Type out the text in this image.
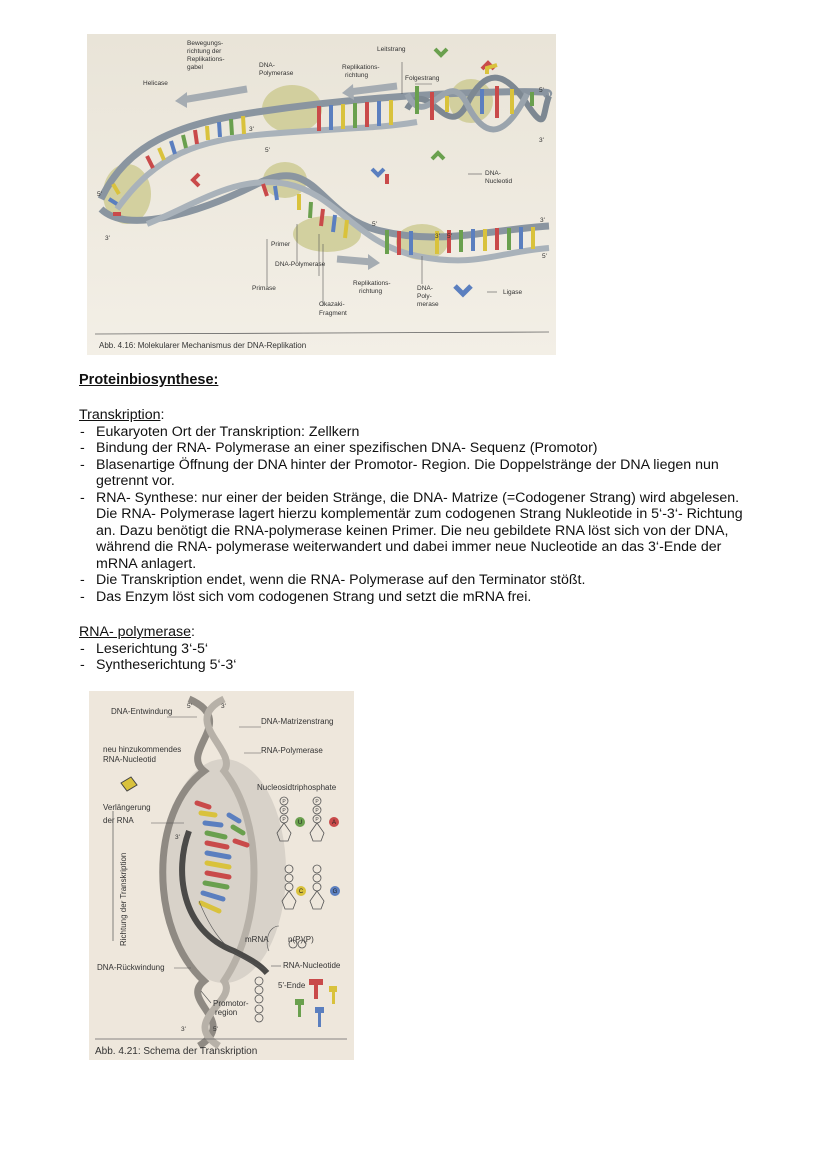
Bewegungs-
richtung der
Replikations-
gabel
Helicase
DNA-
Polymerase
Replikations-
richtung
Leitstrang
Folgestrang
DNA-
Nucleotid
Primer
DNA-Polymerase
Primase
Okazaki-
Fragment
Replikations-
richtung	DNA-
Poly-
merase
Ligase
3'
5'
3'
5'
5'
3'
3'
5'
5'
3' 5'
Abb. 4.16: Molekularer Mechanismus der DNA-Replikation
Proteinbiosynthese:
Transkription:
- Eukaryoten Ort der Transkription: Zellkern
- Bindung der RNA- Polymerase an einer spezifischen DNA- Sequenz (Promotor)
- Blasenartige Öffnung der DNA hinter der Promotor- Region. Die Doppelstränge der DNA liegen nun getrennt vor.
- RNA- Synthese: nur einer der beiden Stränge, die DNA- Matrize (=Codogener Strang) wird abgelesen. Die RNA- Polymerase lagert hierzu komplementär zum codogenen Strang Nukleotide in 5‘-3‘- Richtung an. Dazu benötigt die RNA-polymerase keinen Primer. Die neu gebildete RNA löst sich von der DNA, während die RNA- polymerase weiterwandert und dabei immer neue Nucleotide an das 3‘-Ende der mRNA anlagert.
- Die Transkription endet, wenn die RNA- Polymerase auf den Terminator stößt.
- Das Enzym löst sich vom codogenen Strang und setzt die mRNA frei.
RNA- polymerase:
- Leserichtung 3‘-5‘
- Syntheserichtung 5‘-3‘
P
P
P
P
P
P A
U
G
C
DNA-Entwindung
DNA-Matrizenstrang
neu hinzukommendes
RNA-Nucleotid
RNA-Polymerase
Nucleosidtriphosphate
Verlängerung
der RNA
Richtung der Transkription	mRNA n(P)(P)
DNA-Rückwindung	RNA-Nucleotide
5'-Ende
Promotor-
region
5'	3'
3'
3'	5'
Abb. 4.21: Schema der Transkription
